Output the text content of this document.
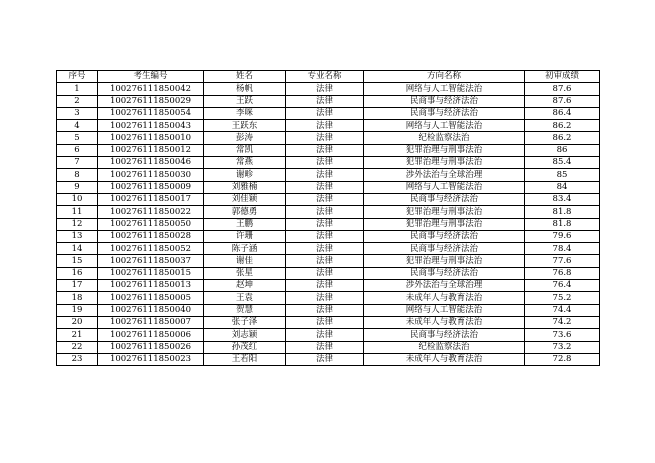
序号	考生编号	姓名	专业名称	方向名称	初审成绩
1	100276111850042	杨帆	法律	网络与人工智能法治	87.6
2	100276111850029	王跃	法律	民商事与经济法治	87.6
3	100276111850054	李咪	法律	民商事与经济法治	86.4
4	100276111850043	王跃东	法律	网络与人工智能法治	86.2
5	100276111850010	彭涛	法律	纪检监察法治	86.2
6	100276111850012	常凯	法律	犯罪治理与刑事法治	86
7	100276111850046	常燕	法律	犯罪治理与刑事法治	85.4
8	100276111850030	谢畛	法律	涉外法治与全球治理	85
9	100276111850009	刘雅楠	法律	网络与人工智能法治	84
10	100276111850017	刘佳颖	法律	民商事与经济法治	83.4
11	100276111850022	郭德勇	法律	犯罪治理与刑事法治	81.8
12	100276111850050	王鹏	法律	犯罪治理与刑事法治	81.8
13	100276111850028	许珊	法律	民商事与经济法治	79.6
14	100276111850052	陈子涵	法律	民商事与经济法治	78.4
15	100276111850037	谢佳	法律	犯罪治理与刑事法治	77.6
16	100276111850015	张星	法律	民商事与经济法治	76.8
17	100276111850013	赵坤	法律	涉外法治与全球治理	76.4
18	100276111850005	王袁	法律	未成年人与教育法治	75.2
19	100276111850040	贺慧	法律	网络与人工智能法治	74.4
20	100276111850007	张子泽	法律	未成年人与教育法治	74.2
21	100276111850006	刘志颖	法律	民商事与经济法治	73.6
22	100276111850026	孙茂红	法律	纪检监察法治	73.2
23	100276111850023	王若阳	法律	未成年人与教育法治	72.8
